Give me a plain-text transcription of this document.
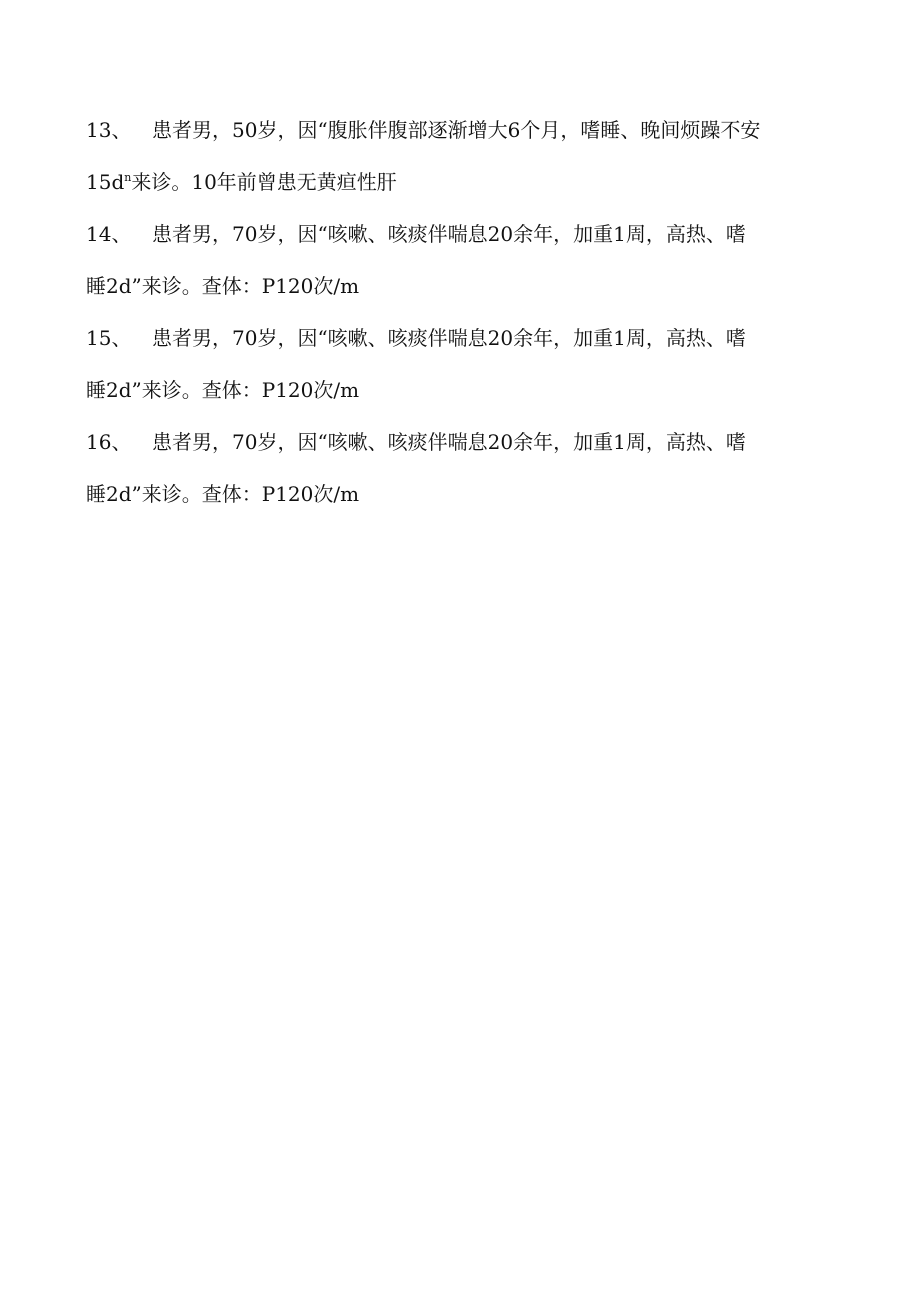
13、 患者男，50岁，因“腹胀伴腹部逐渐增大6个月，嗜睡、晚间烦躁不安
$15d^n$来诊。10年前曾患无黄疸性肝
14、 患者男，70岁，因“咳嗽、咳痰伴喘息20余年，加重1周，高热、嗜
睡2d”来诊。查体：P120次/m
15、 患者男，70岁，因“咳嗽、咳痰伴喘息20余年，加重1周，高热、嗜
睡2d”来诊。查体：P120次/m
16、 患者男，70岁，因“咳嗽、咳痰伴喘息20余年，加重1周，高热、嗜
睡2d”来诊。查体：P120次/m
